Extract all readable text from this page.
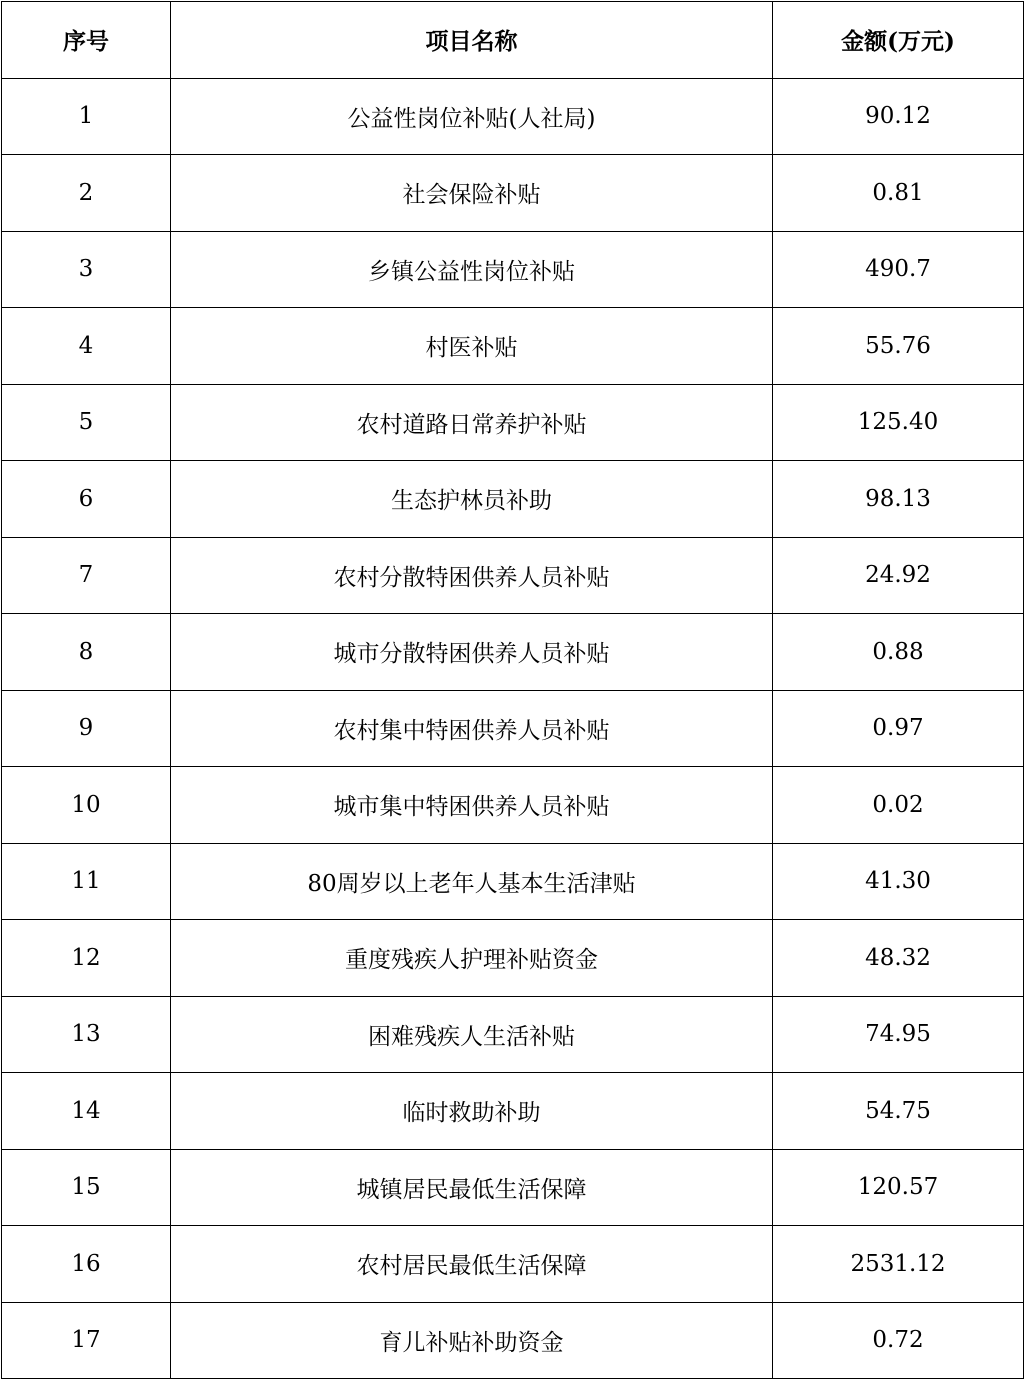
序号	项目名称	金额(万元)
1	公益性岗位补贴(人社局)	90.12
2	社会保险补贴	0.81
3	乡镇公益性岗位补贴	490.7
4	村医补贴	55.76
5	农村道路日常养护补贴	125.40
6	生态护林员补助	98.13
7	农村分散特困供养人员补贴	24.92
8	城市分散特困供养人员补贴	0.88
9	农村集中特困供养人员补贴	0.97
10	城市集中特困供养人员补贴	0.02
11	80周岁以上老年人基本生活津贴	41.30
12	重度残疾人护理补贴资金	48.32
13	困难残疾人生活补贴	74.95
14	临时救助补助	54.75
15	城镇居民最低生活保障	120.57
16	农村居民最低生活保障	2531.12
17	育儿补贴补助资金	0.72
